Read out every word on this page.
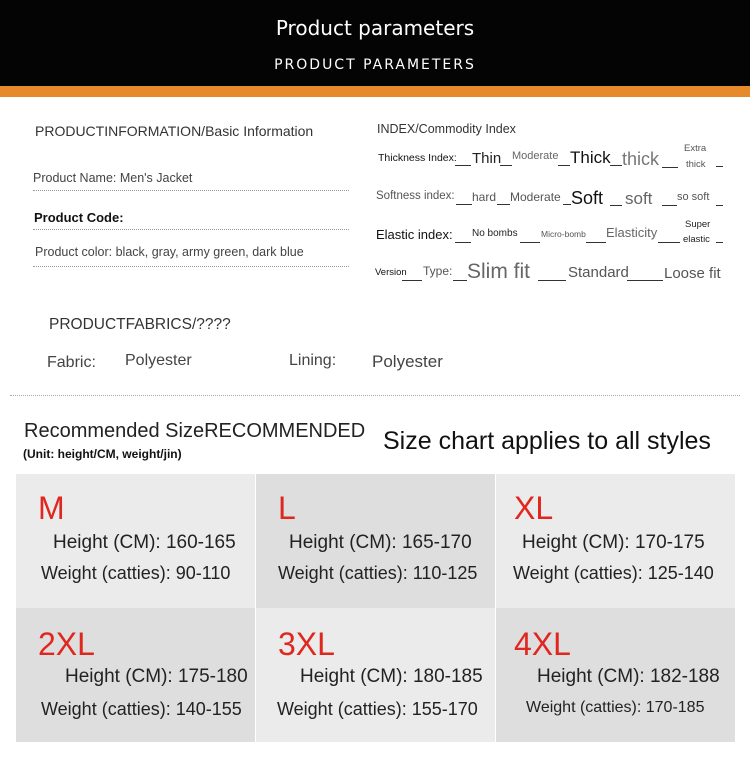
Product parameters
PRODUCT PARAMETERS
PRODUCTINFORMATION/Basic Information
Product Name: Men's Jacket
Product Code:
Product color: black, gray, army green, dark blue
INDEX/Commodity Index
Thickness Index: Thin Moderate Thick thick
Extra
thick
Softness index: hard Moderate Soft soft so soft
Elastic index: No bombs	Micro-bomb Elasticity
Super
elastic
Version Type: Slim fit	Standard Loose fit
PRODUCTFABRICS/????
Fabric: Polyester	Lining: Polyester
Recommended SizeRECOMMENDED
(Unit: height/CM, weight/jin)	Size chart applies to all styles
M
Height (CM): 160-165
Weight (catties): 90-110
L
Height (CM): 165-170
Weight (catties): 110-125
XL
Height (CM): 170-175
Weight (catties): 125-140
2XL
Height (CM): 175-180
Weight (catties): 140-155
3XL
Height (CM): 180-185
Weight (catties): 155-170
4XL
Height (CM): 182-188
Weight (catties): 170-185
